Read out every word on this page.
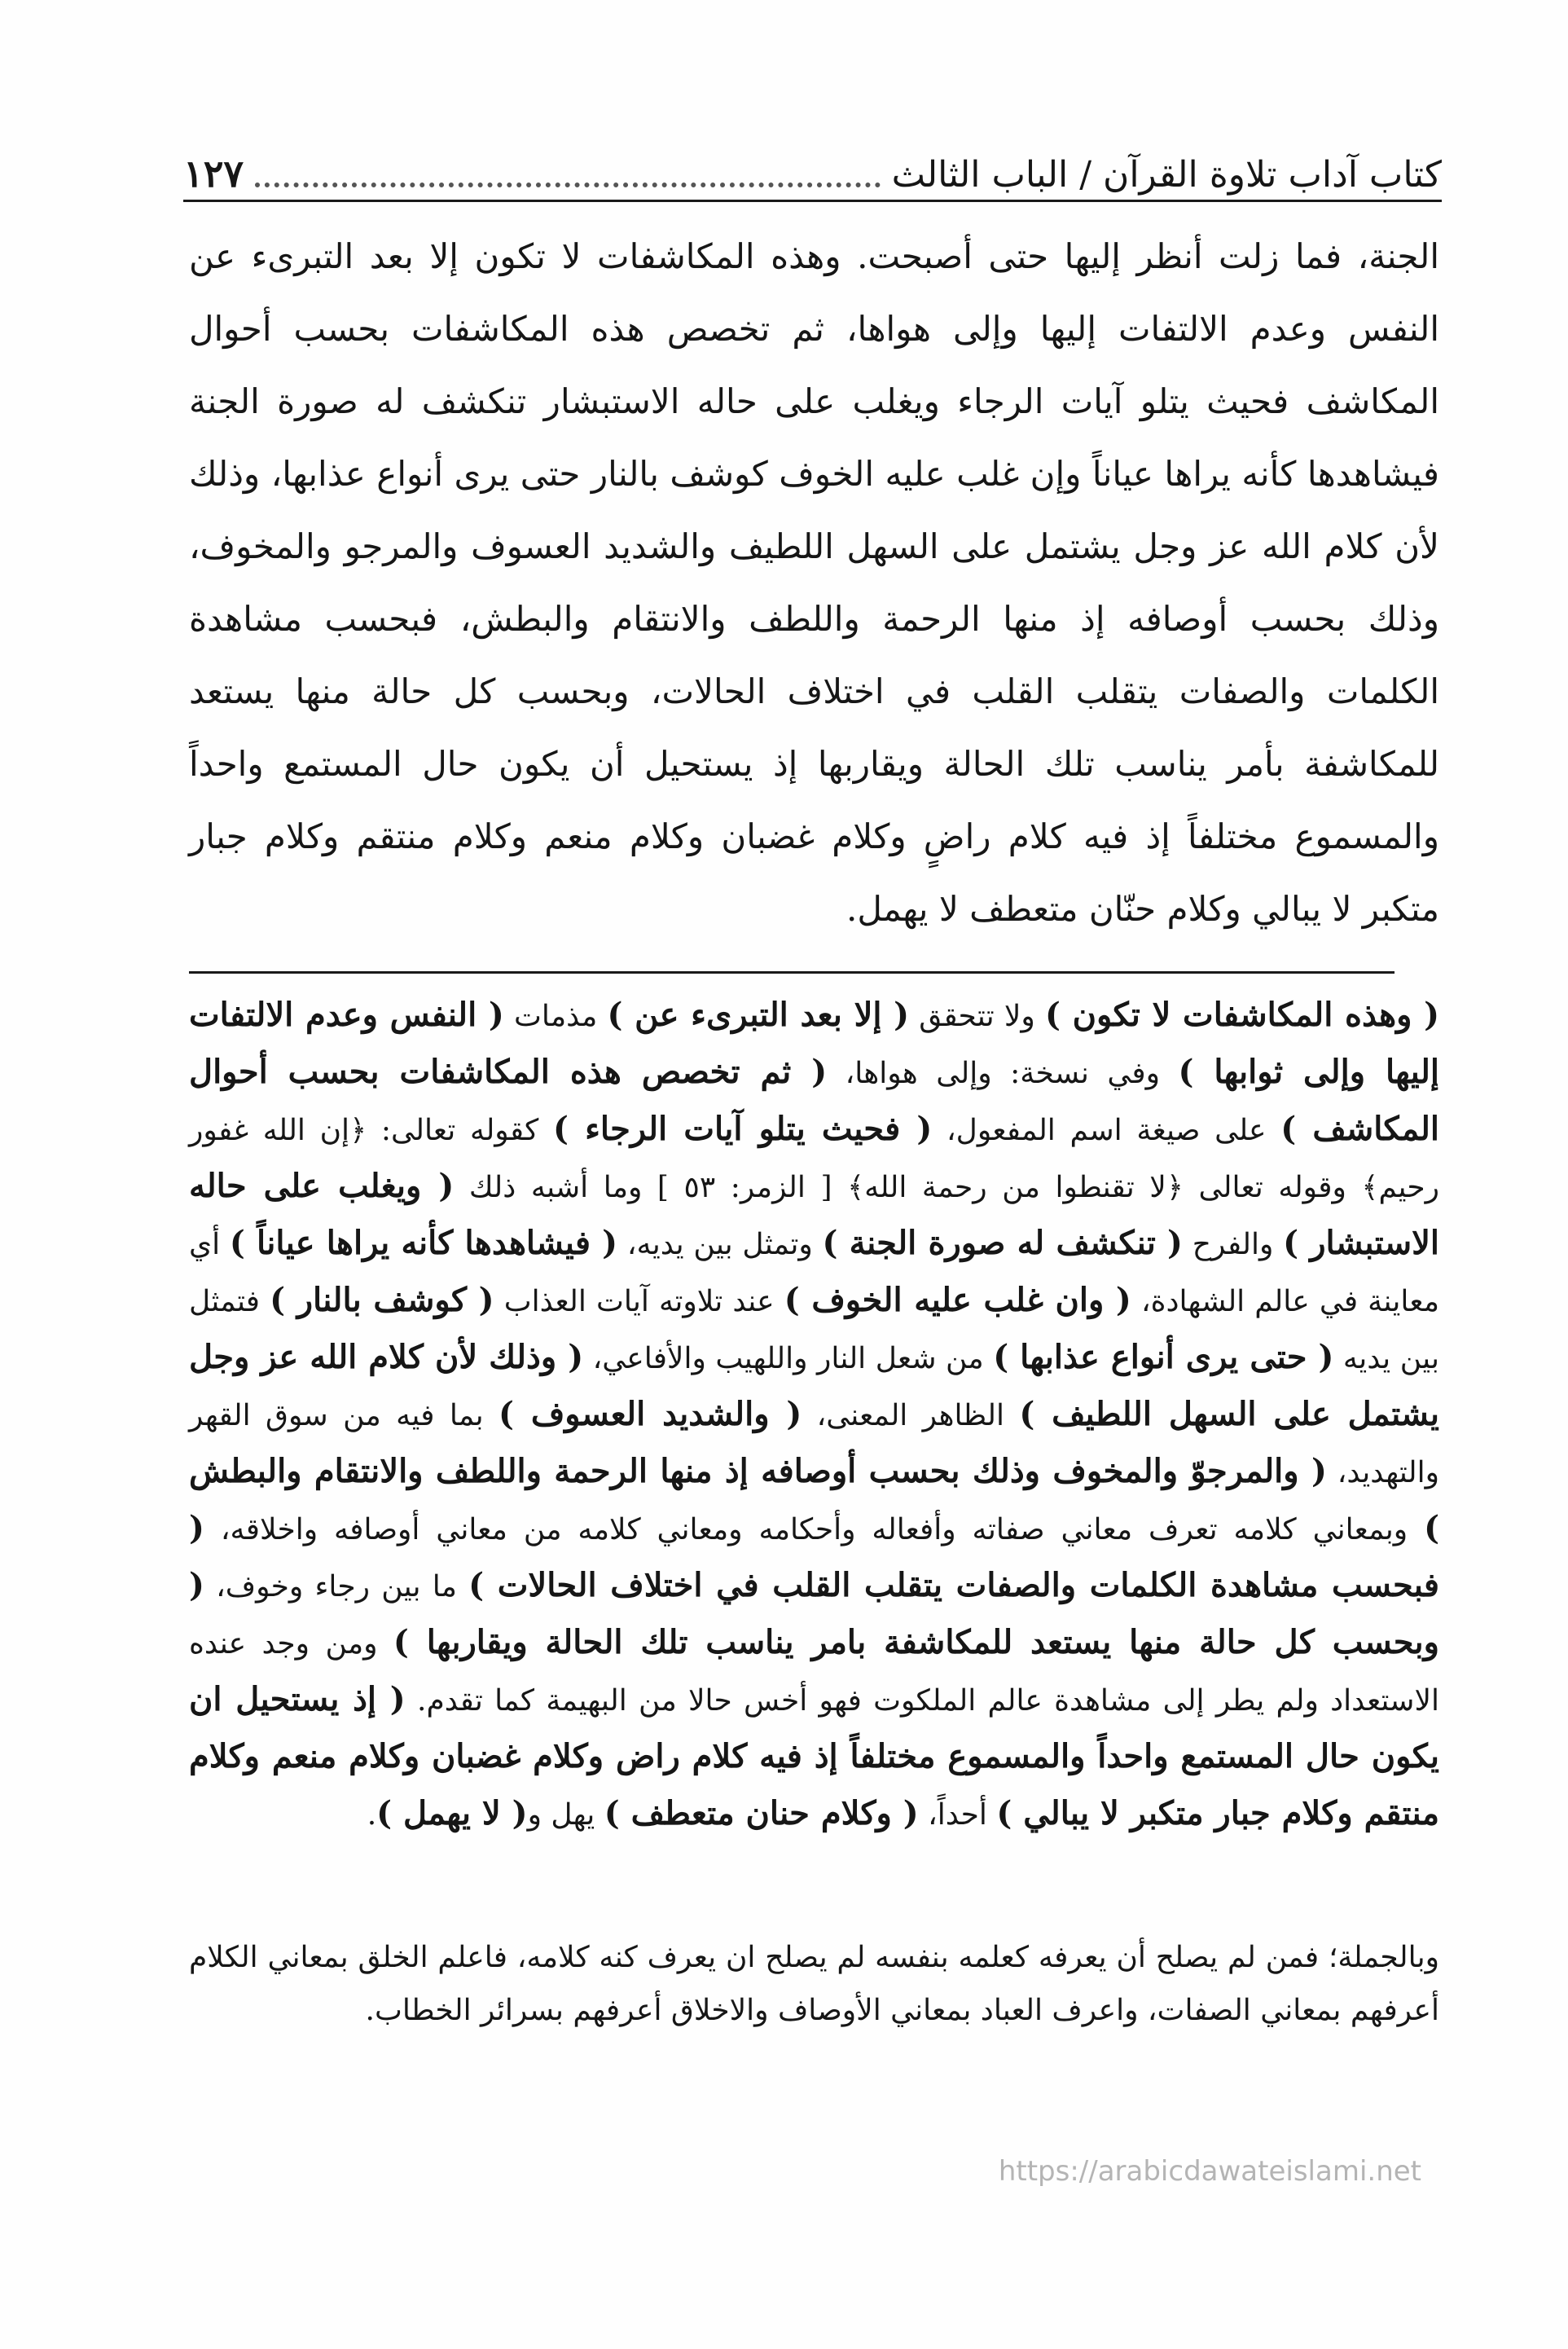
كتاب آداب تلاوة القرآن / الباب الثالث
١٢٧

الجنة، فما زلت أنظر إليها حتى أصبحت. وهذه المكاشفات لا تكون إلا بعد التبرىء عن النفس وعدم الالتفات إليها وإلى هواها، ثم تخصص هذه المكاشفات بحسب أحوال المكاشف فحيث يتلو آيات الرجاء ويغلب على حاله الاستبشار تنكشف له صورة الجنة فيشاهدها كأنه يراها عياناً وإن غلب عليه الخوف كوشف بالنار حتى يرى أنواع عذابها، وذلك لأن كلام الله عز وجل يشتمل على السهل اللطيف والشديد العسوف والمرجو والمخوف، وذلك بحسب أوصافه إذ منها الرحمة واللطف والانتقام والبطش، فبحسب مشاهدة الكلمات والصفات يتقلب القلب في اختلاف الحالات، وبحسب كل حالة منها يستعد للمكاشفة بأمر يناسب تلك الحالة ويقاربها إذ يستحيل أن يكون حال المستمع واحداً والمسموع مختلفاً إذ فيه كلام راضٍ وكلام غضبان وكلام منعم وكلام منتقم وكلام جبار متكبر لا يبالي وكلام حنّان متعطف لا يهمل.

( وهذه المكاشفات لا تكون ) ولا تتحقق ( إلا بعد التبرىء عن ) مذمات ( النفس وعدم الالتفات إليها وإلى ثوابها ) وفي نسخة: وإلى هواها، ( ثم تخصص هذه المكاشفات بحسب أحوال المكاشف ) على صيغة اسم المفعول، ( فحيث يتلو آيات الرجاء ) كقوله تعالى: ﴿إن الله غفور رحيم﴾ وقوله تعالى ﴿لا تقنطوا من رحمة الله﴾ [ الزمر: ٥٣ ] وما أشبه ذلك ( ويغلب على حاله الاستبشار ) والفرح ( تنكشف له صورة الجنة ) وتمثل بين يديه، ( فيشاهدها كأنه يراها عياناً ) أي معاينة في عالم الشهادة، ( وان غلب عليه الخوف ) عند تلاوته آيات العذاب ( كوشف بالنار ) فتمثل بين يديه ( حتى يرى أنواع عذابها ) من شعل النار واللهيب والأفاعي، ( وذلك لأن كلام الله عز وجل يشتمل على السهل اللطيف ) الظاهر المعنى، ( والشديد العسوف ) بما فيه من سوق القهر والتهديد، ( والمرجوّ والمخوف وذلك بحسب أوصافه إذ منها الرحمة واللطف والانتقام والبطش ) وبمعاني كلامه تعرف معاني صفاته وأفعاله وأحكامه ومعاني كلامه من معاني أوصافه واخلاقه، ( فبحسب مشاهدة الكلمات والصفات يتقلب القلب في اختلاف الحالات ) ما بين رجاء وخوف، ( وبحسب كل حالة منها يستعد للمكاشفة بامر يناسب تلك الحالة ويقاربها ) ومن وجد عنده الاستعداد ولم يطر إلى مشاهدة عالم الملكوت فهو أخس حالا من البهيمة كما تقدم. ( إذ يستحيل ان يكون حال المستمع واحداً والمسموع مختلفاً إذ فيه كلام راض وكلام غضبان وكلام منعم وكلام منتقم وكلام جبار متكبر لا يبالي ) أحداً، ( وكلام حنان متعطف ) يهل و( لا يهمل ).

وبالجملة؛ فمن لم يصلح أن يعرفه كعلمه بنفسه لم يصلح ان يعرف كنه كلامه، فاعلم الخلق بمعاني الكلام أعرفهم بمعاني الصفات، واعرف العباد بمعاني الأوصاف والاخلاق أعرفهم بسرائر الخطاب.

https://arabicdawateislami.net
